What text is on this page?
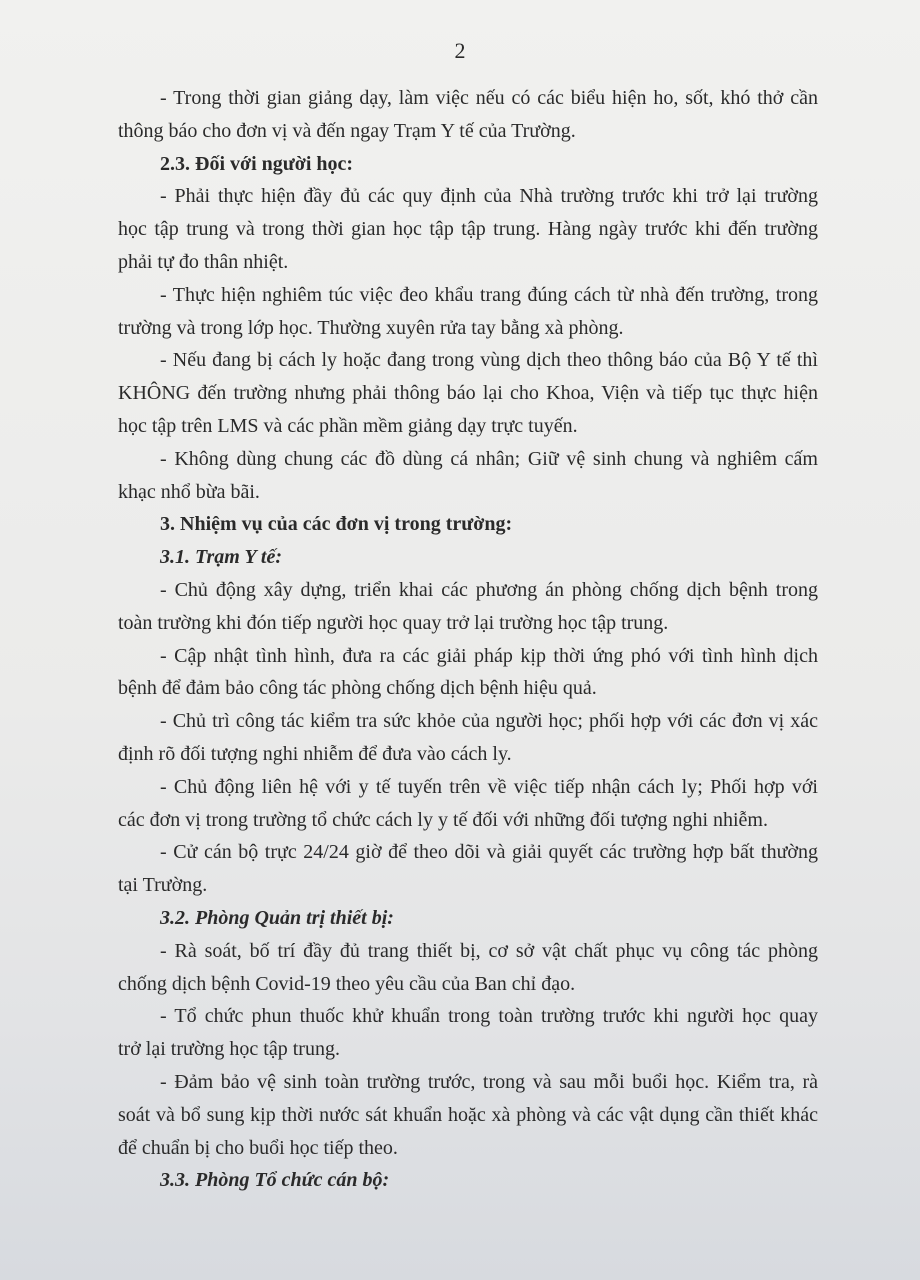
2
- Trong thời gian giảng dạy, làm việc nếu có các biểu hiện ho, sốt, khó thở cần
thông báo cho đơn vị và đến ngay Trạm Y tế của Trường.
2.3. Đối với người học:
- Phải thực hiện đầy đủ các quy định của Nhà trường trước khi trở lại trường
học tập trung và trong thời gian học tập tập trung. Hàng ngày trước khi đến trường
phải tự đo thân nhiệt.
- Thực hiện nghiêm túc việc đeo khẩu trang đúng cách từ nhà đến trường, trong
trường và trong lớp học. Thường xuyên rửa tay bằng xà phòng.
- Nếu đang bị cách ly hoặc đang trong vùng dịch theo thông báo của Bộ Y tế thì
KHÔNG đến trường nhưng phải thông báo lại cho Khoa, Viện và tiếp tục thực hiện
học tập trên LMS và các phần mềm giảng dạy trực tuyến.
- Không dùng chung các đồ dùng cá nhân; Giữ vệ sinh chung và nghiêm cấm
khạc nhổ bừa bãi.
3. Nhiệm vụ của các đơn vị trong trường:
3.1. Trạm Y tế:
- Chủ động xây dựng, triển khai các phương án phòng chống dịch bệnh trong
toàn trường khi đón tiếp người học quay trở lại trường học tập trung.
- Cập nhật tình hình, đưa ra các giải pháp kịp thời ứng phó với tình hình dịch
bệnh để đảm bảo công tác phòng chống dịch bệnh hiệu quả.
- Chủ trì công tác kiểm tra sức khỏe của người học; phối hợp với các đơn vị xác
định rõ đối tượng nghi nhiễm để đưa vào cách ly.
- Chủ động liên hệ với y tế tuyến trên về việc tiếp nhận cách ly; Phối hợp với
các đơn vị trong trường tổ chức cách ly y tế đối với những đối tượng nghi nhiễm.
- Cử cán bộ trực 24/24 giờ để theo dõi và giải quyết các trường hợp bất thường
tại Trường.
3.2. Phòng Quản trị thiết bị:
- Rà soát, bố trí đầy đủ trang thiết bị, cơ sở vật chất phục vụ công tác phòng
chống dịch bệnh Covid-19 theo yêu cầu của Ban chỉ đạo.
- Tổ chức phun thuốc khử khuẩn trong toàn trường trước khi người học quay
trở lại trường học tập trung.
- Đảm bảo vệ sinh toàn trường trước, trong và sau mỗi buổi học. Kiểm tra, rà
soát và bổ sung kịp thời nước sát khuẩn hoặc xà phòng và các vật dụng cần thiết khác
để chuẩn bị cho buổi học tiếp theo.
3.3. Phòng Tổ chức cán bộ:
